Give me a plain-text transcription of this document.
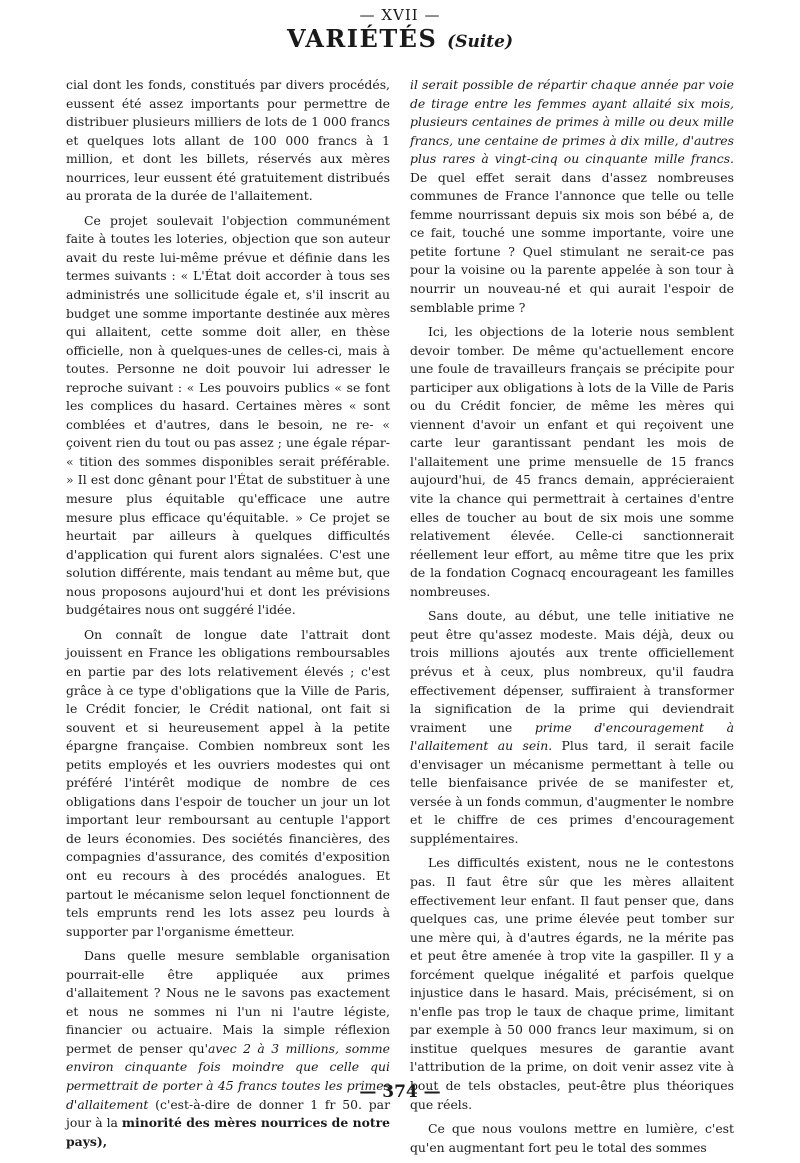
— XVII —
VARIÉTÉS (Suite)

cial dont les fonds, constitués par divers procédés, eussent été assez importants pour permettre de distribuer plusieurs milliers de lots de 1 000 francs et quelques lots allant de 100 000 francs à 1 million, et dont les billets, réservés aux mères nourrices, leur eussent été gratuitement distribués au prorata de la durée de l'allaitement.

Ce projet soulevait l'objection communément faite à toutes les loteries, objection que son auteur avait du reste lui-même prévue et définie dans les termes suivants : « L'État doit accorder à tous ses administrés une sollicitude égale et, s'il inscrit au budget une somme importante destinée aux mères qui allaitent, cette somme doit aller, en thèse officielle, non à quelques-unes de celles-ci, mais à toutes. Personne ne doit pouvoir lui adresser le reproche suivant : « Les pouvoirs publics « se font les complices du hasard. Certaines mères « sont comblées et d'autres, dans le besoin, ne re- « çoivent rien du tout ou pas assez ; une égale répar- « tition des sommes disponibles serait préférable. » Il est donc gênant pour l'État de substituer à une mesure plus équitable qu'efficace une autre mesure plus efficace qu'équitable. » Ce projet se heurtait par ailleurs à quelques difficultés d'application qui furent alors signalées. C'est une solution différente, mais tendant au même but, que nous proposons aujourd'hui et dont les prévisions budgétaires nous ont suggéré l'idée.

On connaît de longue date l'attrait dont jouissent en France les obligations remboursables en partie par des lots relativement élevés ; c'est grâce à ce type d'obligations que la Ville de Paris, le Crédit foncier, le Crédit national, ont fait si souvent et si heureusement appel à la petite épargne française. Combien nombreux sont les petits employés et les ouvriers modestes qui ont préféré l'intérêt modique de nombre de ces obligations dans l'espoir de toucher un jour un lot important leur remboursant au centuple l'apport de leurs économies. Des sociétés financières, des compagnies d'assurance, des comités d'exposition ont eu recours à des procédés analogues. Et partout le mécanisme selon lequel fonctionnent de tels emprunts rend les lots assez peu lourds à supporter par l'organisme émetteur.

Dans quelle mesure semblable organisation pourrait-elle être appliquée aux primes d'allaitement ? Nous ne le savons pas exactement et nous ne sommes ni l'un ni l'autre légiste, financier ou actuaire. Mais la simple réflexion permet de penser qu'avec 2 à 3 millions, somme environ cinquante fois moindre que celle qui permettrait de porter à 45 francs toutes les primes d'allaitement (c'est-à-dire de donner 1 fr 50. par jour à la minorité des mères nourrices de notre pays),

il serait possible de répartir chaque année par voie de tirage entre les femmes ayant allaité six mois, plusieurs centaines de primes à mille ou deux mille francs, une centaine de primes à dix mille, d'autres plus rares à vingt-cinq ou cinquante mille francs. De quel effet serait dans d'assez nombreuses communes de France l'annonce que telle ou telle femme nourrissant depuis six mois son bébé a, de ce fait, touché une somme importante, voire une petite fortune ? Quel stimulant ne serait-ce pas pour la voisine ou la parente appelée à son tour à nourrir un nouveau-né et qui aurait l'espoir de semblable prime ?

Ici, les objections de la loterie nous semblent devoir tomber. De même qu'actuellement encore une foule de travailleurs français se précipite pour participer aux obligations à lots de la Ville de Paris ou du Crédit foncier, de même les mères qui viennent d'avoir un enfant et qui reçoivent une carte leur garantissant pendant les mois de l'allaitement une prime mensuelle de 15 francs aujourd'hui, de 45 francs demain, apprécieraient vite la chance qui permettrait à certaines d'entre elles de toucher au bout de six mois une somme relativement élevée. Celle-ci sanctionnerait réellement leur effort, au même titre que les prix de la fondation Cognacq encourageant les familles nombreuses.

Sans doute, au début, une telle initiative ne peut être qu'assez modeste. Mais déjà, deux ou trois millions ajoutés aux trente officiellement prévus et à ceux, plus nombreux, qu'il faudra effectivement dépenser, suffiraient à transformer la signification de la prime qui deviendrait vraiment une prime d'encouragement à l'allaitement au sein. Plus tard, il serait facile d'envisager un mécanisme permettant à telle ou telle bienfaisance privée de se manifester et, versée à un fonds commun, d'augmenter le nombre et le chiffre de ces primes d'encouragement supplémentaires.

Les difficultés existent, nous ne le contestons pas. Il faut être sûr que les mères allaitent effectivement leur enfant. Il faut penser que, dans quelques cas, une prime élevée peut tomber sur une mère qui, à d'autres égards, ne la mérite pas et peut être amenée à trop vite la gaspiller. Il y a forcément quelque inégalité et parfois quelque injustice dans le hasard. Mais, précisément, si on n'enfle pas trop le taux de chaque prime, limitant par exemple à 50 000 francs leur maximum, si on institue quelques mesures de garantie avant l'attribution de la prime, on doit venir assez vite à bout de tels obstacles, peut-être plus théoriques que réels.

Ce que nous voulons mettre en lumière, c'est qu'en augmentant fort peu le total des sommes

— 374 —
